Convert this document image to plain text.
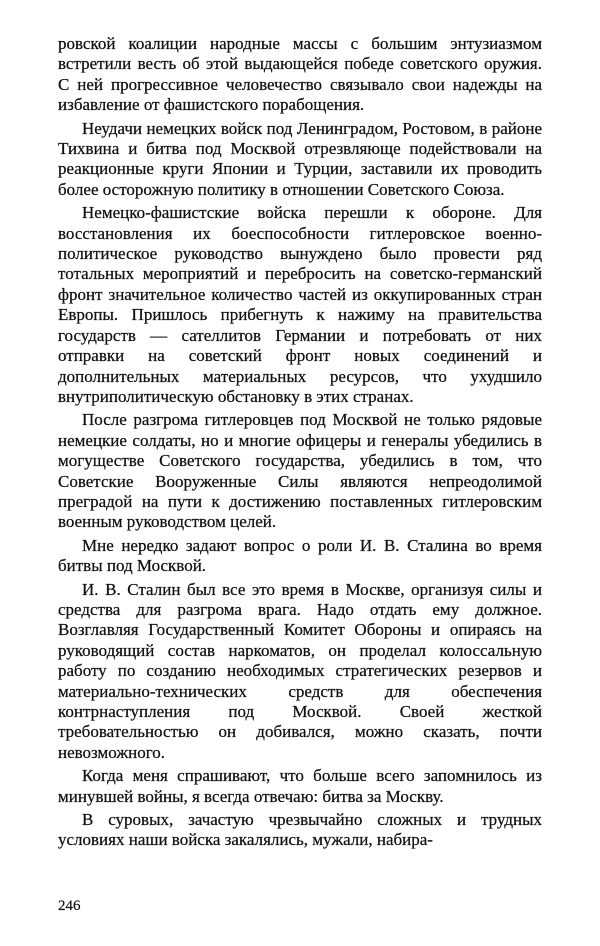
ровской коалиции народные массы с большим энтузиазмом встретили весть об этой выдающейся победе советского оружия. С ней прогрессивное человечество связывало свои надежды на избавление от фашистского порабощения.

Неудачи немецких войск под Ленинградом, Ростовом, в районе Тихвина и битва под Москвой отрезвляюще подействовали на реакционные круги Японии и Турции, заставили их проводить более осторожную политику в отношении Советского Союза.

Немецко-фашистские войска перешли к обороне. Для восстановления их боеспособности гитлеровское военно-политическое руководство вынуждено было провести ряд тотальных мероприятий и перебросить на советско-германский фронт значительное количество частей из оккупированных стран Европы. Пришлось прибегнуть к нажиму на правительства государств — сателлитов Германии и потребовать от них отправки на советский фронт новых соединений и дополнительных материальных ресурсов, что ухудшило внутриполитическую обстановку в этих странах.

После разгрома гитлеровцев под Москвой не только рядовые немецкие солдаты, но и многие офицеры и генералы убедились в могуществе Советского государства, убедились в том, что Советские Вооруженные Силы являются непреодолимой преградой на пути к достижению поставленных гитлеровским военным руководством целей.

Мне нередко задают вопрос о роли И. В. Сталина во время битвы под Москвой.

И. В. Сталин был все это время в Москве, организуя силы и средства для разгрома врага. Надо отдать ему должное. Возглавляя Государственный Комитет Обороны и опираясь на руководящий состав наркоматов, он проделал колоссальную работу по созданию необходимых стратегических резервов и материально-технических средств для обеспечения контрнаступления под Москвой. Своей жесткой требовательностью он добивался, можно сказать, почти невозможного.

Когда меня спрашивают, что больше всего запомнилось из минувшей войны, я всегда отвечаю: битва за Москву.

В суровых, зачастую чрезвычайно сложных и трудных условиях наши войска закалялись, мужали, набира-

246
